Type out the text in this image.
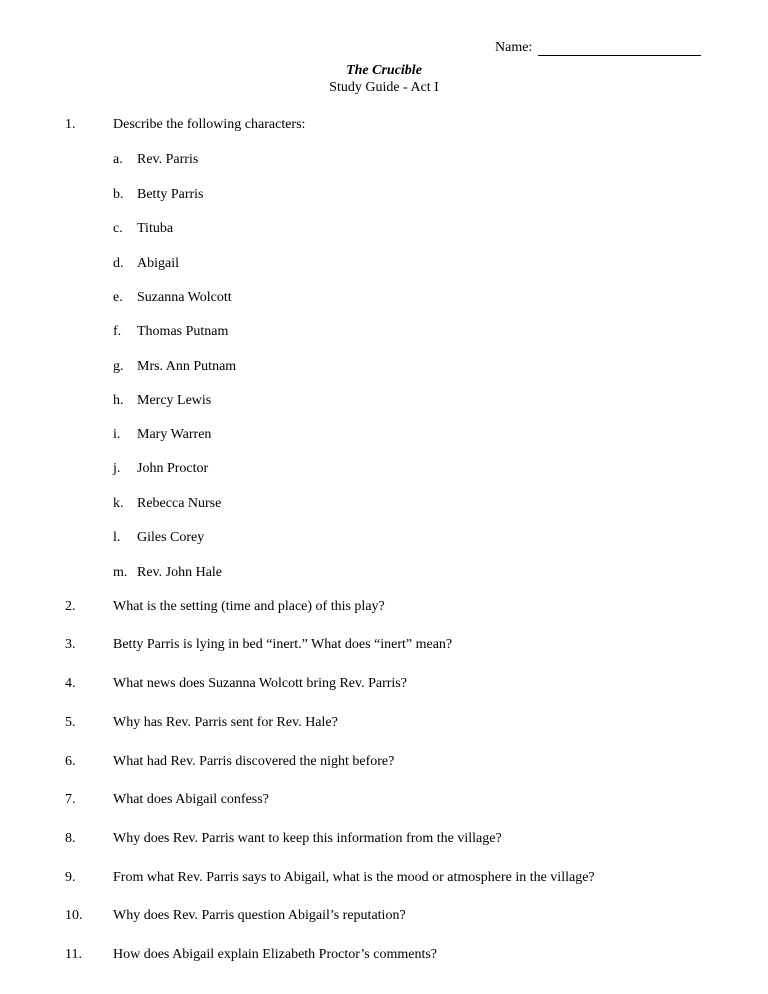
Name:
The Crucible
Study Guide - Act I
1.	Describe the following characters:
a. Rev. Parris
b. Betty Parris
c. Tituba
d. Abigail
e. Suzanna Wolcott
f. Thomas Putnam
g. Mrs. Ann Putnam
h. Mercy Lewis
i. Mary Warren
j. John Proctor
k. Rebecca Nurse
l. Giles Corey
m. Rev. John Hale
2.	What is the setting (time and place) of this play?
3.	Betty Parris is lying in bed “inert.” What does “inert” mean?
4.	What news does Suzanna Wolcott bring Rev. Parris?
5.	Why has Rev. Parris sent for Rev. Hale?
6.	What had Rev. Parris discovered the night before?
7.	What does Abigail confess?
8.	Why does Rev. Parris want to keep this information from the village?
9.	From what Rev. Parris says to Abigail, what is the mood or atmosphere in the village?
10. Why does Rev. Parris question Abigail’s reputation?
11. How does Abigail explain Elizabeth Proctor’s comments?
